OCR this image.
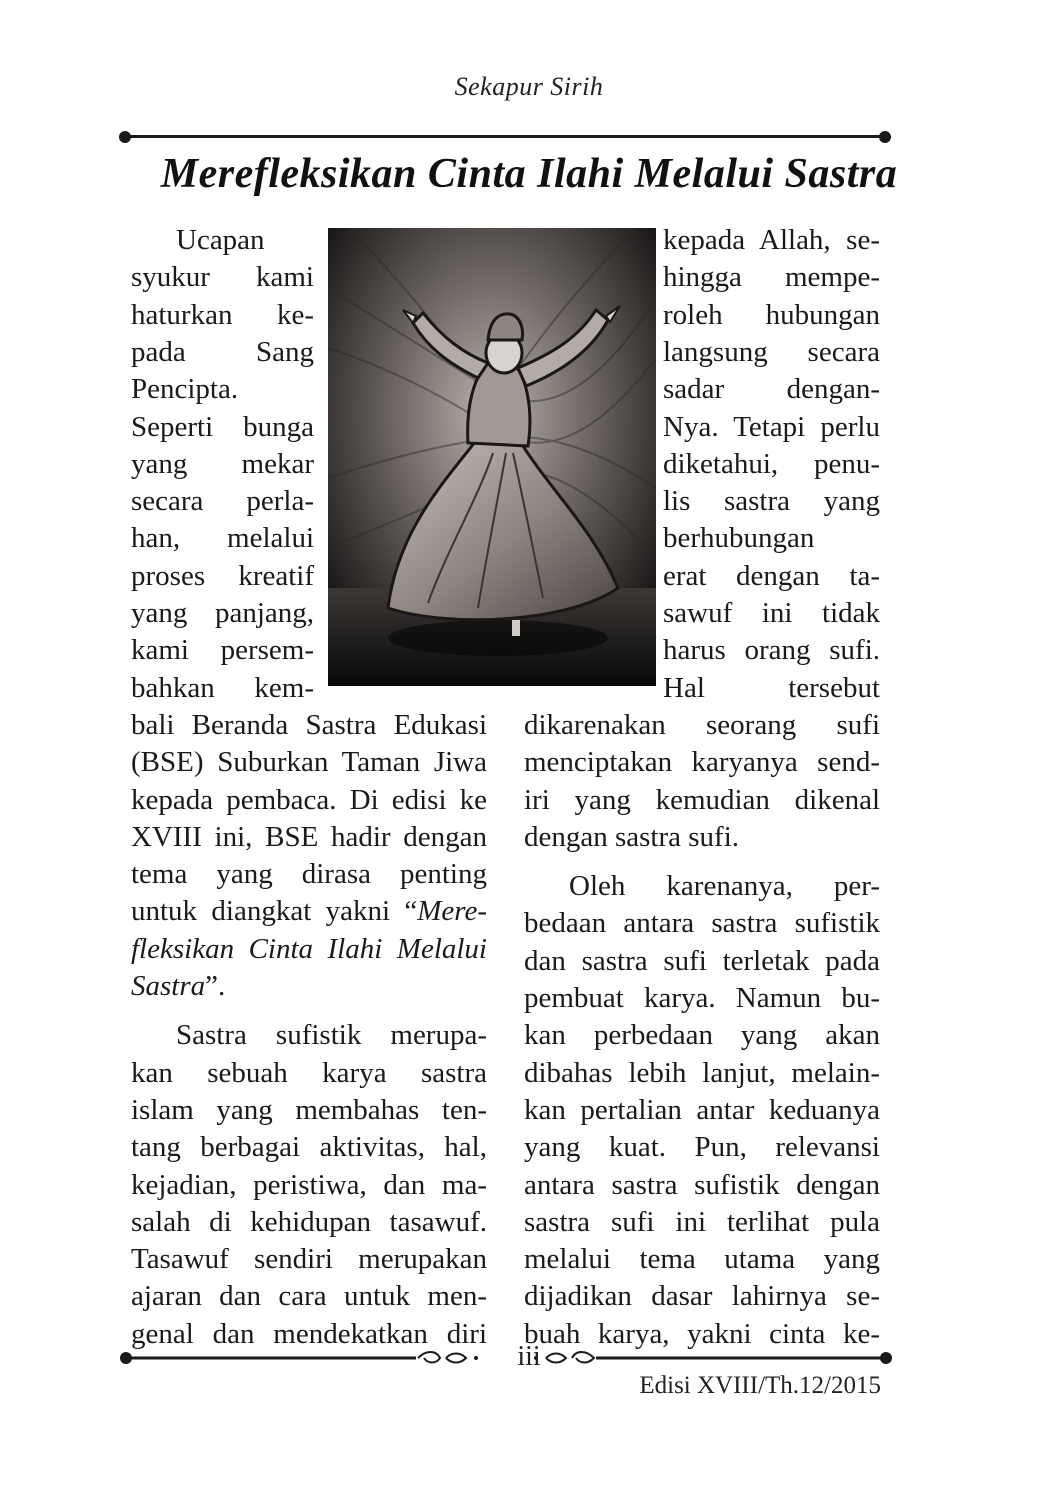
Sekapur Sirih
Merefleksikan Cinta Ilahi Melalui Sastra
Ucapan
syukur kami
haturkan ke-
pada Sang
Pencipta.
Seperti bunga
yang mekar
secara perla-
han, melalui
proses kreatif
yang panjang,
kami persem-
bahkan kem-
bali Beranda Sastra Edukasi
(BSE) Suburkan Taman Jiwa
kepada pembaca. Di edisi ke
XVIII ini, BSE hadir dengan
tema yang dirasa penting
untuk diangkat yakni “Mere-
fleksikan Cinta Ilahi Melalui
Sastra”.
Sastra sufistik merupa-
kan sebuah karya sastra
islam yang membahas ten-
tang berbagai aktivitas, hal,
kejadian, peristiwa, dan ma-
salah di kehidupan tasawuf.
Tasawuf sendiri merupakan
ajaran dan cara untuk men-
genal dan mendekatkan diri
kepada Allah, se-
hingga mempe-
roleh hubungan
langsung secara
sadar dengan-
Nya. Tetapi perlu
diketahui, penu-
lis sastra yang
berhubungan
erat dengan ta-
sawuf ini tidak
harus orang sufi.
Hal tersebut
dikarenakan seorang sufi
menciptakan karyanya send-
iri yang kemudian dikenal
dengan sastra sufi.
Oleh karenanya, per-
bedaan antara sastra sufistik
dan sastra sufi terletak pada
pembuat karya. Namun bu-
kan perbedaan yang akan
dibahas lebih lanjut, melain-
kan pertalian antar keduanya
yang kuat. Pun, relevansi
antara sastra sufistik dengan
sastra sufi ini terlihat pula
melalui tema utama yang
dijadikan dasar lahirnya se-
buah karya, yakni cinta ke-
iii
Edisi XVIII/Th.12/2015
